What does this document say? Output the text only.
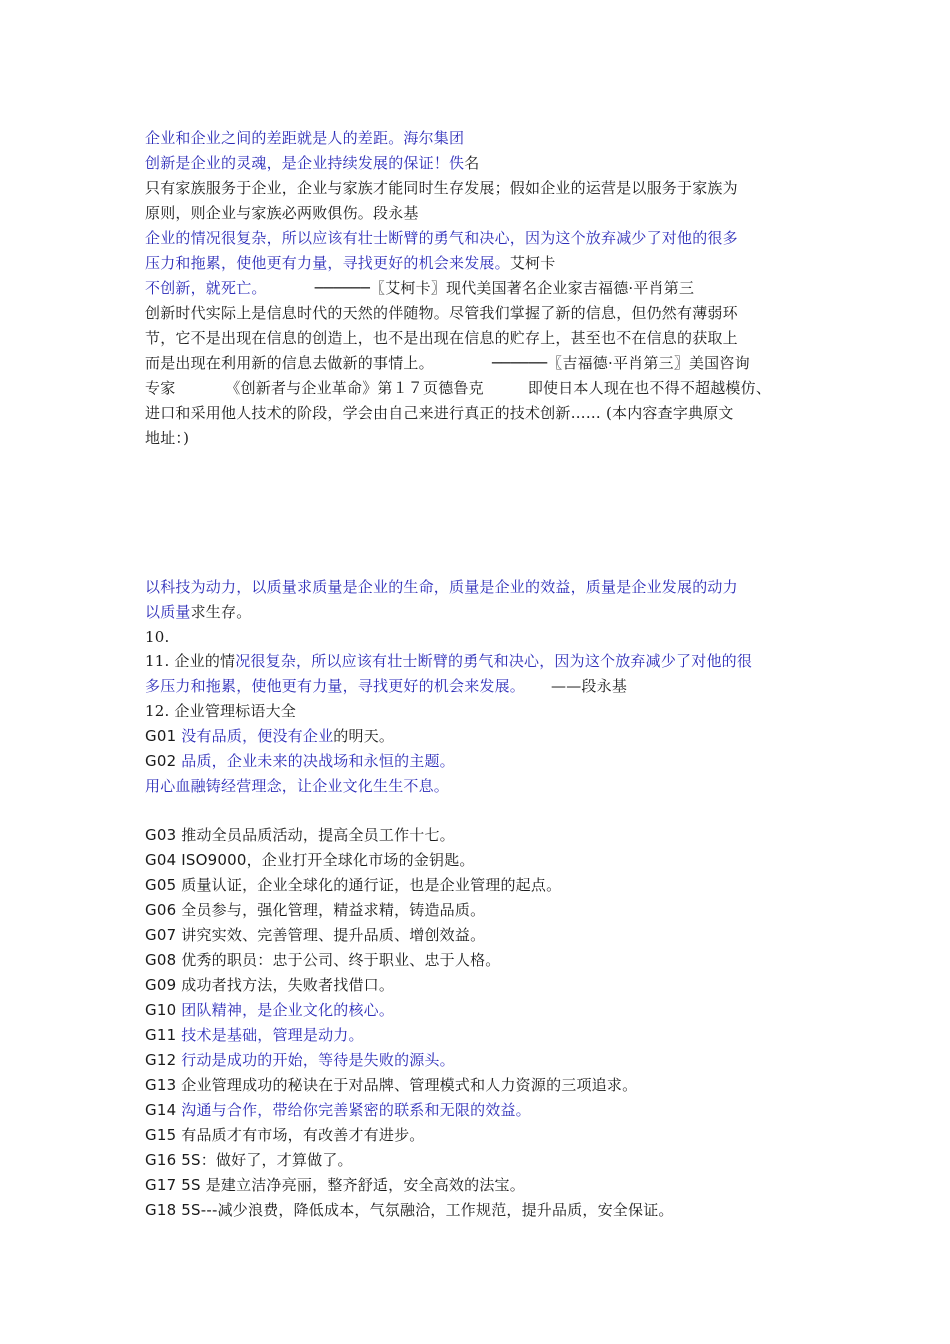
企业和企业之间的差距就是人的差距。海尔集团
创新是企业的灵魂，是企业持续发展的保证！佚名
只有家族服务于企业，企业与家族才能同时生存发展；假如企业的运营是以服务于家族为
原则，则企业与家族必两败俱伤。段永基
企业的情况很复杂，所以应该有壮士断臂的勇气和决心，因为这个放弃减少了对他的很多
压力和拖累，使他更有力量，寻找更好的机会来发展。艾柯卡
不创新，就死亡。	──────〖艾柯卡〗现代美国著名企业家吉福德·平肖第三
创新时代实际上是信息时代的天然的伴随物。尽管我们掌握了新的信息，但仍然有薄弱环
节，它不是出现在信息的创造上，也不是出现在信息的贮存上，甚至也不在信息的获取上
而是出现在利用新的信息去做新的事情上。	──────〖吉福德·平肖第三〗美国咨询
专家	《创新者与企业革命》第１７页德鲁克	即使日本人现在也不得不超越模仿、
进口和采用他人技术的阶段，学会由自己来进行真正的技术创新…… (本内容查字典原文
地址：)
以科技为动力，以质量求质量是企业的生命，质量是企业的效益，质量是企业发展的动力
以质量求生存。
10.
11. 企业的情况很复杂，所以应该有壮士断臂的勇气和决心，因为这个放弃减少了对他的很
多压力和拖累，使他更有力量，寻找更好的机会来发展。 ——段永基
12. 企业管理标语大全
G01 没有品质，便没有企业的明天。
G02 品质，企业未来的决战场和永恒的主题。
用心血融铸经营理念，让企业文化生生不息。
G03 推动全员品质活动，提高全员工作十七。
G04 ISO9000，企业打开全球化市场的金钥匙。
G05 质量认证，企业全球化的通行证，也是企业管理的起点。
G06 全员参与，强化管理，精益求精，铸造品质。
G07 讲究实效、完善管理、提升品质、增创效益。
G08 优秀的职员：忠于公司、终于职业、忠于人格。
G09 成功者找方法，失败者找借口。
G10 团队精神，是企业文化的核心。
G11 技术是基础，管理是动力。
G12 行动是成功的开始，等待是失败的源头。
G13 企业管理成功的秘诀在于对品牌、管理模式和人力资源的三项追求。
G14 沟通与合作，带给你完善紧密的联系和无限的效益。
G15 有品质才有市场，有改善才有进步。
G16 5S：做好了，才算做了。
G17 5S 是建立洁净亮丽，整齐舒适，安全高效的法宝。
G18 5S---减少浪费，降低成本，气氛融洽，工作规范，提升品质，安全保证。
